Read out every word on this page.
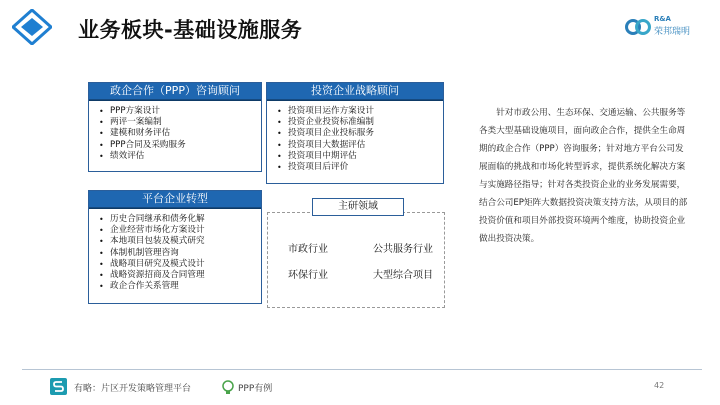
业务板块-基础设施服务	R&A
荣邦瑞明
政企合作（PPP）咨询顾问
• PPP方案设计
• 两评一案编制
• 建模和财务评估
• PPP合同及采购服务
• 绩效评估
投资企业战略顾问
• 投资项目运作方案设计
• 投资企业投资标准编制
• 投资项目企业投标服务
• 投资项目大数据评估
• 投资项目中期评估
• 投资项目后评价
平台企业转型
• 历史合同继承和债务化解
• 企业经营市场化方案设计
• 本地项目包装及模式研究
• 体制机制管理咨询
• 战略项目研究及模式设计
• 战略资源招商及合同管理
• 政企合作关系管理
主研领域
市政行业	公共服务行业
环保行业	大型综合项目
针对市政公用、生态环保、交通运输、公共服务等各类大型基础设施项目，面向政企合作，提供全生命周期的政企合作（PPP）咨询服务；针对地方平台公司发展面临的挑战和市场化转型诉求，提供系统化解决方案与实施路径指导；针对各类投资企业的业务发展需要，结合公司EP矩阵大数据投资决策支持方法，从项目的部投资价值和项目外部投资环境两个维度，协助投资企业做出投资决策。
有略：片区开发策略管理平台	PPP有例	42
